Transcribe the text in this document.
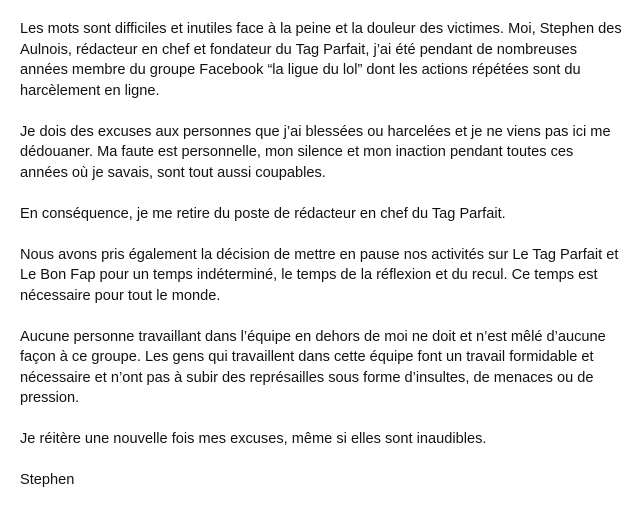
Les mots sont difficiles et inutiles face à la peine et la douleur des victimes. Moi, Stephen des Aulnois, rédacteur en chef et fondateur du Tag Parfait, j’ai été pendant de nombreuses années membre du groupe Facebook “la ligue du lol” dont les actions répétées sont du harcèlement en ligne.

Je dois des excuses aux personnes que j’ai blessées ou harcelées et je ne viens pas ici me dédouaner. Ma faute est personnelle, mon silence et mon inaction pendant toutes ces années où je savais, sont tout aussi coupables.

En conséquence, je me retire du poste de rédacteur en chef du Tag Parfait.

Nous avons pris également la décision de mettre en pause nos activités sur Le Tag Parfait et Le Bon Fap pour un temps indéterminé, le temps de la réflexion et du recul. Ce temps est nécessaire pour tout le monde.

Aucune personne travaillant dans l’équipe en dehors de moi ne doit et n’est mêlé d’aucune façon à ce groupe. Les gens qui travaillent dans cette équipe font un travail formidable et nécessaire et n’ont pas à subir des représailles sous forme d’insultes, de menaces ou de pression.

Je réitère une nouvelle fois mes excuses, même si elles sont inaudibles.

Stephen
